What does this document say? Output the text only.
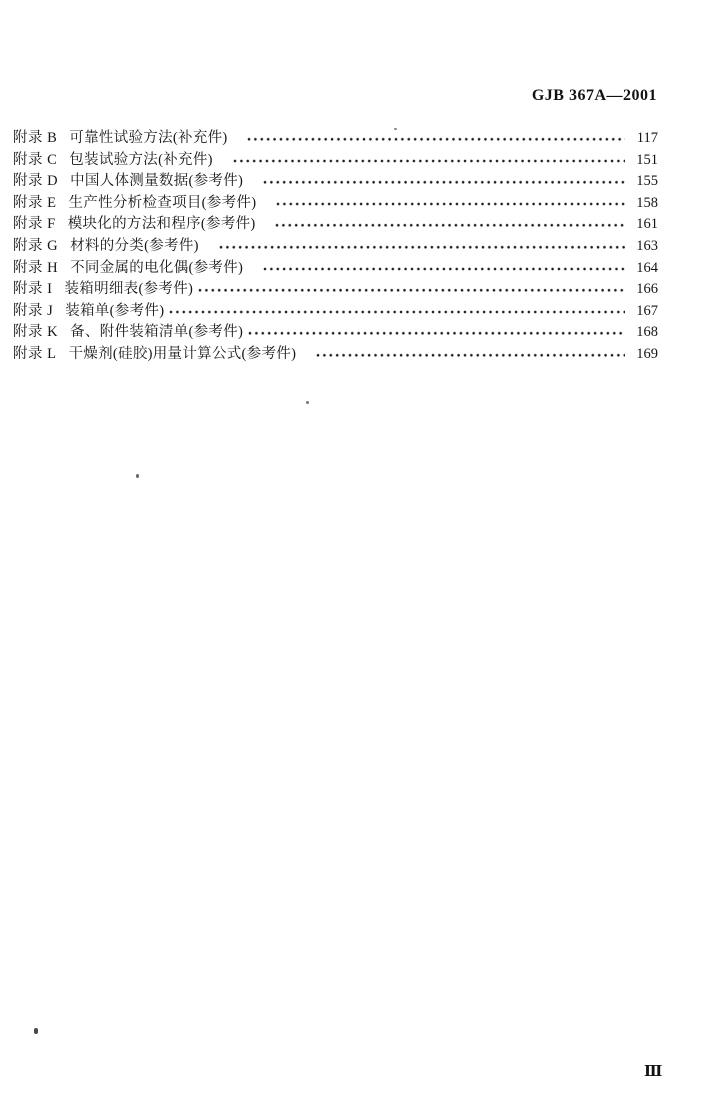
GJB 367A—2001
附录 B 可靠性试验方法(补充件)　	117
附录 C 包装试验方法(补充件)　	151
附录 D 中国人体测量数据(参考件)　	155
附录 E 生产性分析检查项目(参考件)　	158
附录 F 模块化的方法和程序(参考件)　	161
附录 G 材料的分类(参考件)　	163
附录 H 不同金属的电化偶(参考件)　	164
附录 I 装箱明细表(参考件)	166
附录 J 装箱单(参考件)	167
附录 K 备、附件装箱清单(参考件)	168
附录 L 干燥剂(硅胶)用量计算公式(参考件)　	169
Ⅲ
